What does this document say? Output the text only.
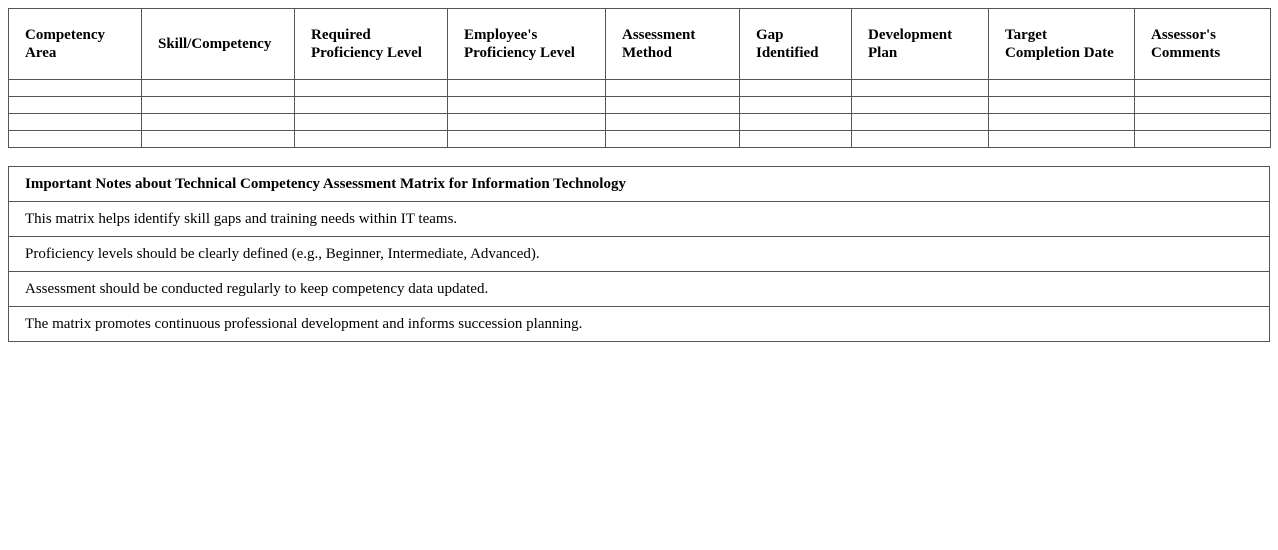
Competency Area	Skill/Competency	Required Proficiency Level	Employee's Proficiency Level	Assessment Method	Gap Identified	Development Plan	Target Completion Date	Assessor's Comments

Important Notes about Technical Competency Assessment Matrix for Information Technology
This matrix helps identify skill gaps and training needs within IT teams.
Proficiency levels should be clearly defined (e.g., Beginner, Intermediate, Advanced).
Assessment should be conducted regularly to keep competency data updated.
The matrix promotes continuous professional development and informs succession planning.
